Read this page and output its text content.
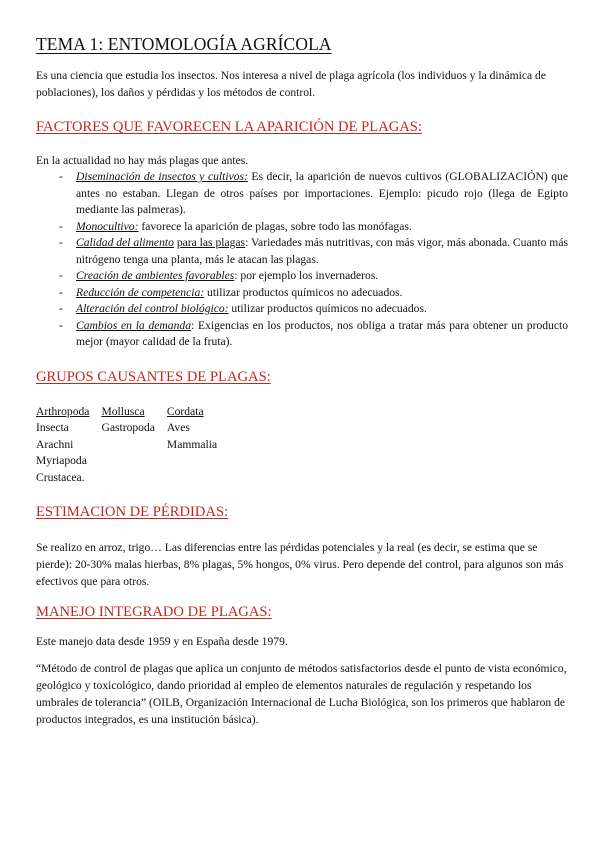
TEMA 1: ENTOMOLOGÍA AGRÍCOLA

Es una ciencia que estudia los insectos. Nos interesa a nivel de plaga agrícola (los individuos y la dinámica de poblaciones), los daños y pérdidas y los métodos de control.

FACTORES QUE FAVORECEN LA APARICIÓN DE PLAGAS:

En la actualidad no hay más plagas que antes.

- Diseminación de insectos y cultivos: Es decir, la aparición de nuevos cultivos (GLOBALIZACIÓN) que antes no estaban. Llegan de otros países por importaciones. Ejemplo: picudo rojo (llega de Egipto mediante las palmeras).
- Monocultivo: favorece la aparición de plagas, sobre todo las monófagas.
- Calidad del alimento para las plagas: Variedades más nutritivas, con más vigor, más abonada. Cuanto más nitrógeno tenga una planta, más le atacan las plagas.
- Creación de ambientes favorables: por ejemplo los invernaderos.
- Reducción de competencia: utilizar productos químicos no adecuados.
- Alteración del control biológico: utilizar productos químicos no adecuados.
- Cambios en la demanda: Exigencias en los productos, nos obliga a tratar más para obtener un producto mejor (mayor calidad de la fruta).
GRUPOS CAUSANTES DE PLAGAS:
Arthropoda	Mollusca	Cordata
Insecta	Gastropoda	Aves
Arachni		Mammalia
Myriapoda		
Crustacea.		
ESTIMACION DE PÉRDIDAS:

Se realizo en arroz, trigo… Las diferencias entre las pérdidas potenciales y la real (es decir, se estima que se pierde): 20-30% malas hierbas, 8% plagas, 5% hongos, 0% virus. Pero depende del control, para algunos son más efectivos que para otros.

MANEJO INTEGRADO DE PLAGAS:

Este manejo data desde 1959 y en España desde 1979.

“Método de control de plagas que aplica un conjunto de métodos satisfactorios desde el punto de vista económico, geológico y toxicológico, dando prioridad al empleo de elementos naturales de regulación y respetando los umbrales de tolerancia” (OILB, Organización Internacional de Lucha Biológica, son los primeros que hablaron de productos integrados, es una institución básica).
